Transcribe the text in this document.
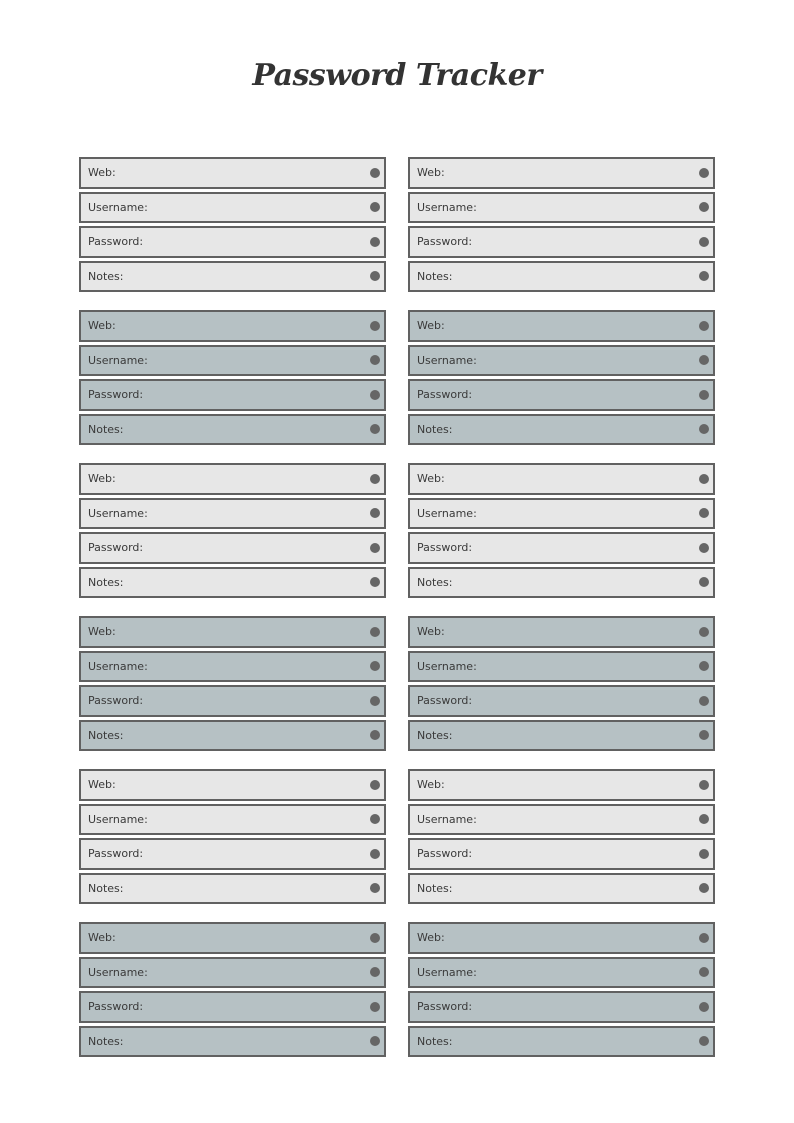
Password Tracker
Web:
Username:
Password:
Notes:
Web:
Username:
Password:
Notes:
Web:
Username:
Password:
Notes:
Web:
Username:
Password:
Notes:
Web:
Username:
Password:
Notes:
Web:
Username:
Password:
Notes:
Web:
Username:
Password:
Notes:
Web:
Username:
Password:
Notes:
Web:
Username:
Password:
Notes:
Web:
Username:
Password:
Notes:
Web:
Username:
Password:
Notes:
Web:
Username:
Password:
Notes:
